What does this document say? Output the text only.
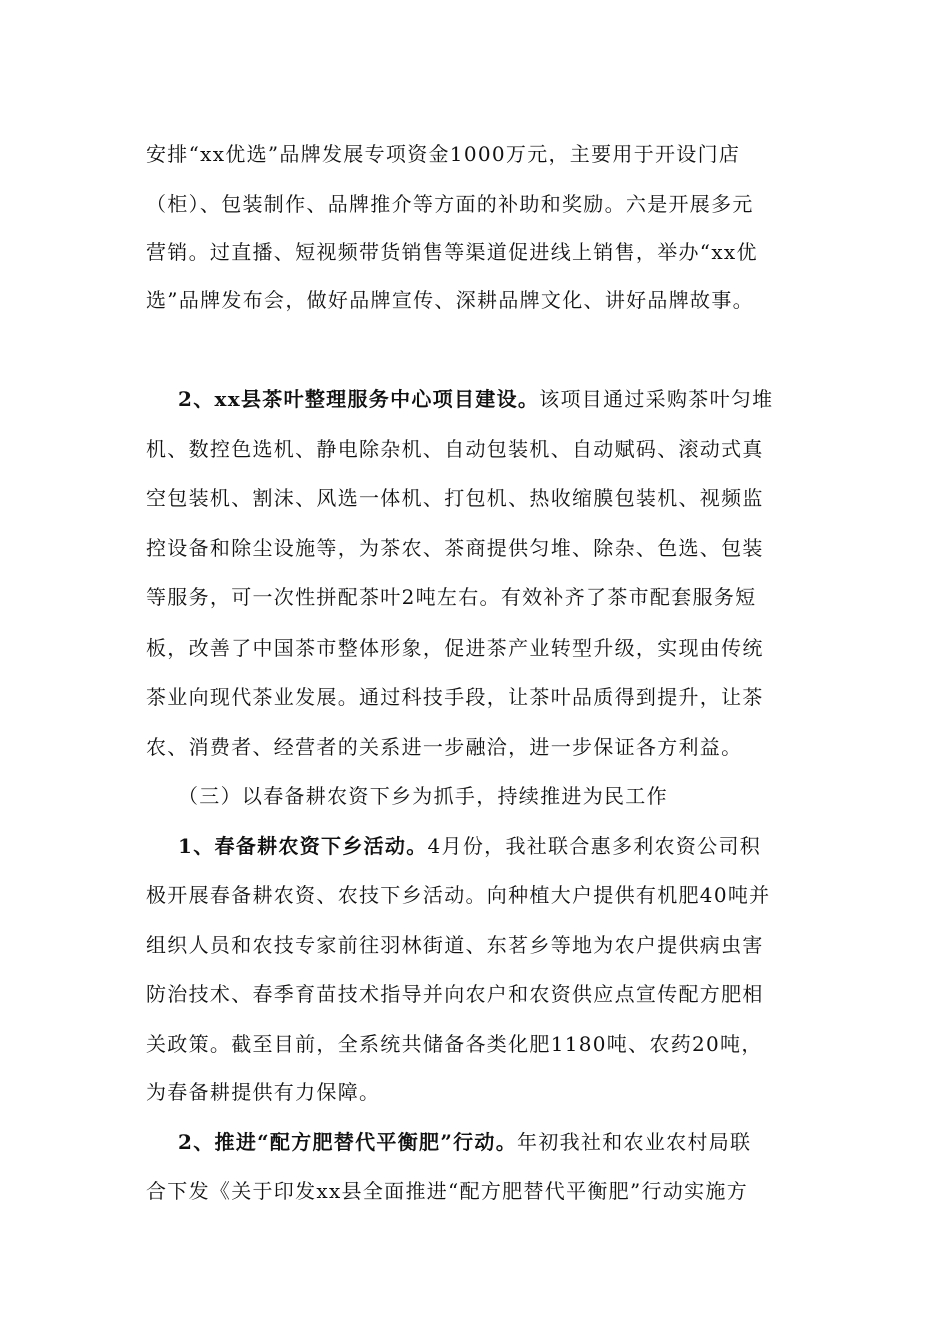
安排“xx优选”品牌发展专项资金1000万元，主要用于开设门店
（柜）、包装制作、品牌推介等方面的补助和奖励。六是开展多元
营销。过直播、短视频带货销售等渠道促进线上销售，举办“xx优
选”品牌发布会，做好品牌宣传、深耕品牌文化、讲好品牌故事。
2、xx县茶叶整理服务中心项目建设。该项目通过采购茶叶匀堆
机、数控色选机、静电除杂机、自动包装机、自动赋码、滚动式真
空包装机、割沫、风选一体机、打包机、热收缩膜包装机、视频监
控设备和除尘设施等，为茶农、茶商提供匀堆、除杂、色选、包装
等服务，可一次性拼配茶叶2吨左右。有效补齐了茶市配套服务短
板，改善了中国茶市整体形象，促进茶产业转型升级，实现由传统
茶业向现代茶业发展。通过科技手段，让茶叶品质得到提升，让茶
农、消费者、经营者的关系进一步融洽，进一步保证各方利益。
（三）以春备耕农资下乡为抓手，持续推进为民工作
1、春备耕农资下乡活动。4月份，我社联合惠多利农资公司积
极开展春备耕农资、农技下乡活动。向种植大户提供有机肥40吨并
组织人员和农技专家前往羽林街道、东茗乡等地为农户提供病虫害
防治技术、春季育苗技术指导并向农户和农资供应点宣传配方肥相
关政策。截至目前，全系统共储备各类化肥1180吨、农药20吨，
为春备耕提供有力保障。
2、推进“配方肥替代平衡肥”行动。年初我社和农业农村局联
合下发《关于印发xx县全面推进“配方肥替代平衡肥”行动实施方
